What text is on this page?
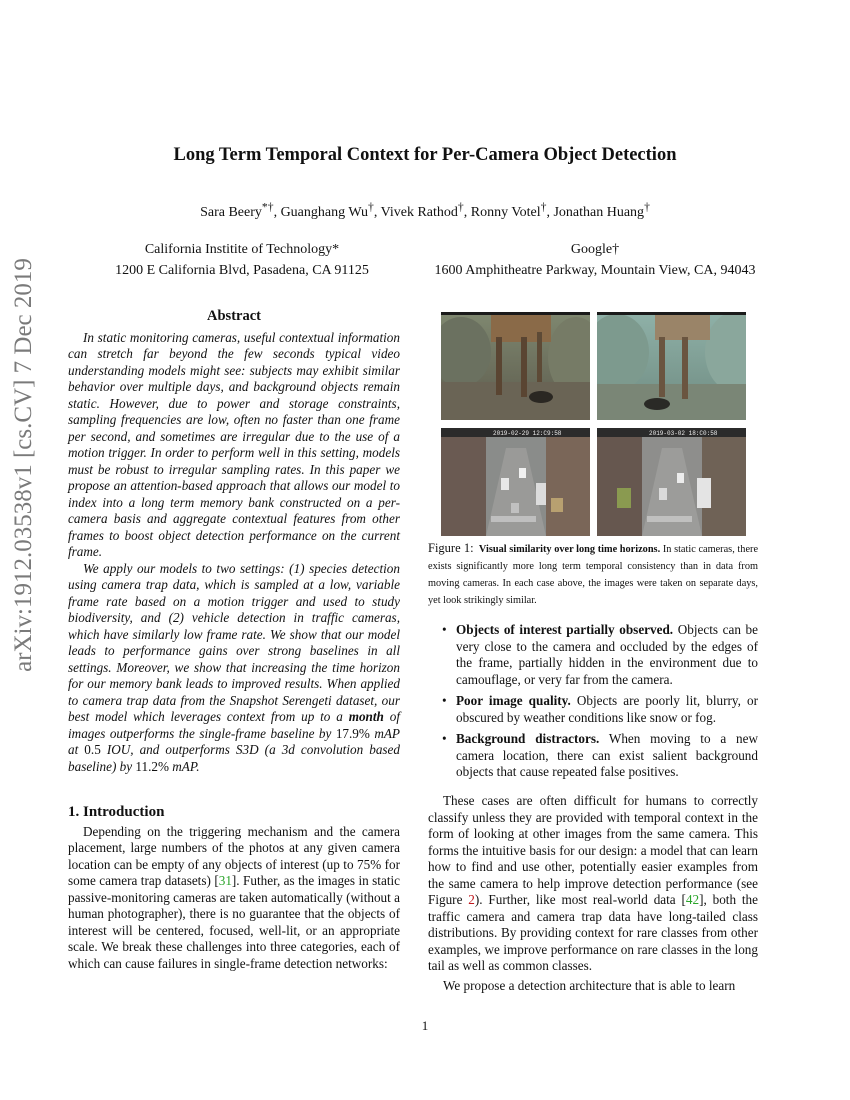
arXiv:1912.03538v1 [cs.CV] 7 Dec 2019
Long Term Temporal Context for Per-Camera Object Detection
Sara Beery*†, Guanghang Wu†, Vivek Rathod†, Ronny Votel†, Jonathan Huang†
California Institite of Technology*
1200 E California Blvd, Pasadena, CA 91125
Google†
1600 Amphitheatre Parkway, Mountain View, CA, 94043
Abstract

In static monitoring cameras, useful contextual information can stretch far beyond the few seconds typical video understanding models might see: subjects may exhibit similar behavior over multiple days, and background objects remain static. However, due to power and storage constraints, sampling frequencies are low, often no faster than one frame per second, and sometimes are irregular due to the use of a motion trigger. In order to perform well in this setting, models must be robust to irregular sampling rates. In this paper we propose an attention-based approach that allows our model to index into a long term memory bank constructed on a per-camera basis and aggregate contextual features from other frames to boost object detection performance on the current frame.

We apply our models to two settings: (1) species detection using camera trap data, which is sampled at a low, variable frame rate based on a motion trigger and used to study biodiversity, and (2) vehicle detection in traffic cameras, which have similarly low frame rate. We show that our model leads to performance gains over strong baselines in all settings. Moreover, we show that increasing the time horizon for our memory bank leads to improved results. When applied to camera trap data from the Snapshot Serengeti dataset, our best model which leverages context from up to a month of images outperforms the single-frame baseline by 17.9% mAP at 0.5 IOU, and outperforms S3D (a 3d convolution based baseline) by 11.2% mAP.

1. Introduction

Depending on the triggering mechanism and the camera placement, large numbers of the photos at any given camera location can be empty of any objects of interest (up to 75% for some camera trap datasets) [31]. Futher, as the images in static passive-monitoring cameras are taken automatically (without a human photographer), there is no guarantee that the objects of interest will be centered, focused, well-lit, or an appropriate scale. We break these challenges into three categories, each of which can cause failures in single-frame detection networks:

2019-02-29 12:C9:58	2019-03-02 18:C0:58
Figure 1: Visual similarity over long time horizons. In static cameras, there exists significantly more long term temporal consistency than in data from moving cameras. In each case above, the images were taken on separate days, yet look strikingly similar.
• Objects of interest partially observed. Objects can be very close to the camera and occluded by the edges of the frame, partially hidden in the environment due to camouflage, or very far from the camera.
• Poor image quality. Objects are poorly lit, blurry, or obscured by weather conditions like snow or fog.
• Background distractors. When moving to a new camera location, there can exist salient background objects that cause repeated false positives.

These cases are often difficult for humans to correctly classify unless they are provided with temporal context in the form of looking at other images from the same camera. This forms the intuitive basis for our design: a model that can learn how to find and use other, potentially easier examples from the same camera to help improve detection performance (see Figure 2). Further, like most real-world data [42], both the traffic camera and camera trap data have long-tailed class distributions. By providing context for rare classes from other examples, we improve performance on rare classes in the long tail as well as common classes.

We propose a detection architecture that is able to learn

1
